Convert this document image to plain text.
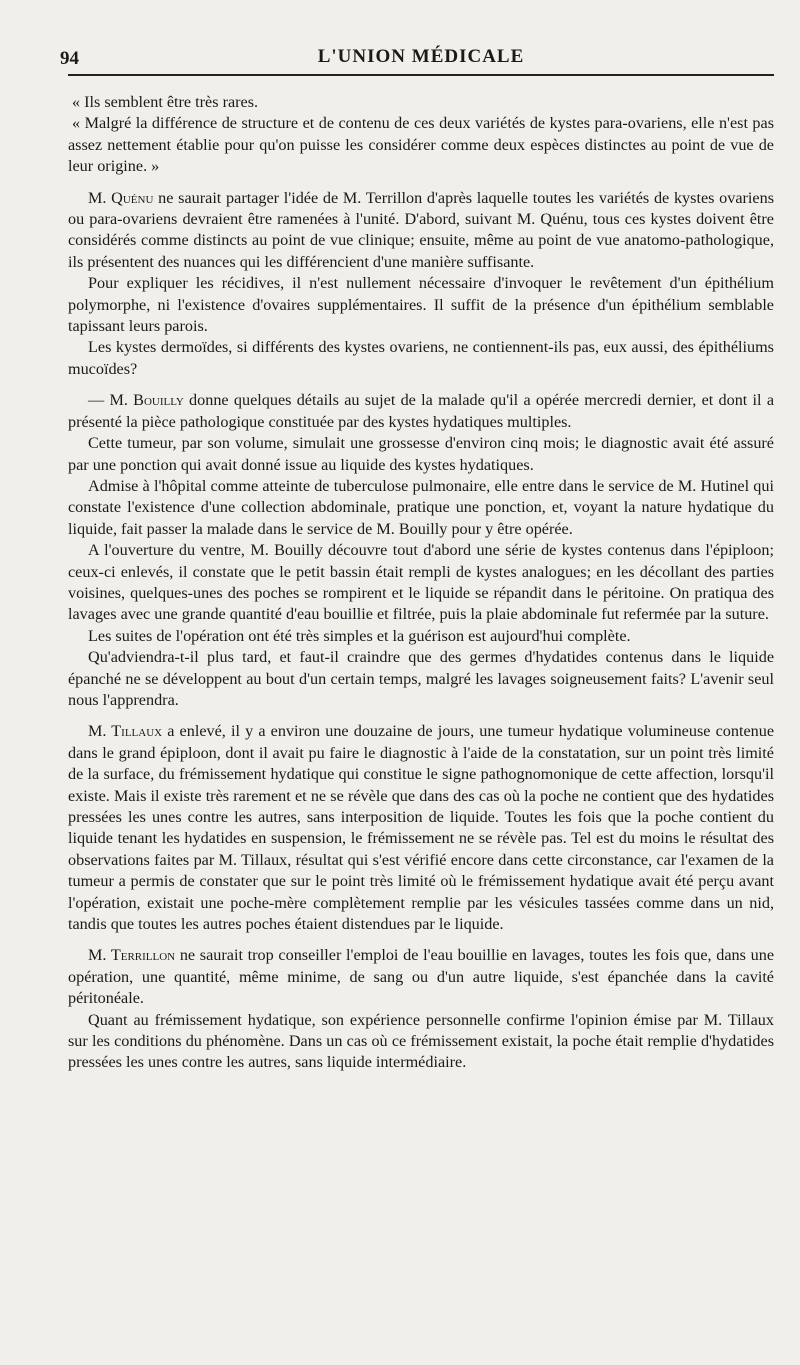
94	L'UNION MÉDICALE

« Ils semblent être très rares.

« Malgré la différence de structure et de contenu de ces deux variétés de kystes para-ovariens, elle n'est pas assez nettement établie pour qu'on puisse les considérer comme deux espèces distinctes au point de vue de leur origine. »

M. Quénu ne saurait partager l'idée de M. Terrillon d'après laquelle toutes les variétés de kystes ovariens ou para-ovariens devraient être ramenées à l'unité. D'abord, suivant M. Quénu, tous ces kystes doivent être considérés comme distincts au point de vue clinique; ensuite, même au point de vue anatomo-pathologique, ils présentent des nuances qui les différencient d'une manière suffisante.

Pour expliquer les récidives, il n'est nullement nécessaire d'invoquer le revêtement d'un épithélium polymorphe, ni l'existence d'ovaires supplémentaires. Il suffit de la présence d'un épithélium semblable tapissant leurs parois.

Les kystes dermoïdes, si différents des kystes ovariens, ne contiennent-ils pas, eux aussi, des épithéliums mucoïdes?

— M. Bouilly donne quelques détails au sujet de la malade qu'il a opérée mercredi dernier, et dont il a présenté la pièce pathologique constituée par des kystes hydatiques multiples.

Cette tumeur, par son volume, simulait une grossesse d'environ cinq mois; le diagnostic avait été assuré par une ponction qui avait donné issue au liquide des kystes hydatiques.

Admise à l'hôpital comme atteinte de tuberculose pulmonaire, elle entre dans le service de M. Hutinel qui constate l'existence d'une collection abdominale, pratique une ponction, et, voyant la nature hydatique du liquide, fait passer la malade dans le service de M. Bouilly pour y être opérée.

A l'ouverture du ventre, M. Bouilly découvre tout d'abord une série de kystes contenus dans l'épiploon; ceux-ci enlevés, il constate que le petit bassin était rempli de kystes analogues; en les décollant des parties voisines, quelques-unes des poches se rompirent et le liquide se répandit dans le péritoine. On pratiqua des lavages avec une grande quantité d'eau bouillie et filtrée, puis la plaie abdominale fut refermée par la suture.

Les suites de l'opération ont été très simples et la guérison est aujourd'hui complète.

Qu'adviendra-t-il plus tard, et faut-il craindre que des germes d'hydatides contenus dans le liquide épanché ne se développent au bout d'un certain temps, malgré les lavages soigneusement faits? L'avenir seul nous l'apprendra.

M. Tillaux a enlevé, il y a environ une douzaine de jours, une tumeur hydatique volumineuse contenue dans le grand épiploon, dont il avait pu faire le diagnostic à l'aide de la constatation, sur un point très limité de la surface, du frémissement hydatique qui constitue le signe pathognomonique de cette affection, lorsqu'il existe. Mais il existe très rarement et ne se révèle que dans des cas où la poche ne contient que des hydatides pressées les unes contre les autres, sans interposition de liquide. Toutes les fois que la poche contient du liquide tenant les hydatides en suspension, le frémissement ne se révèle pas. Tel est du moins le résultat des observations faites par M. Tillaux, résultat qui s'est vérifié encore dans cette circonstance, car l'examen de la tumeur a permis de constater que sur le point très limité où le frémissement hydatique avait été perçu avant l'opération, existait une poche-mère complètement remplie par les vésicules tassées comme dans un nid, tandis que toutes les autres poches étaient distendues par le liquide.

M. Terrillon ne saurait trop conseiller l'emploi de l'eau bouillie en lavages, toutes les fois que, dans une opération, une quantité, même minime, de sang ou d'un autre liquide, s'est épanchée dans la cavité péritonéale.

Quant au frémissement hydatique, son expérience personnelle confirme l'opinion émise par M. Tillaux sur les conditions du phénomène. Dans un cas où ce frémissement existait, la poche était remplie d'hydatides pressées les unes contre les autres, sans liquide intermédiaire.
